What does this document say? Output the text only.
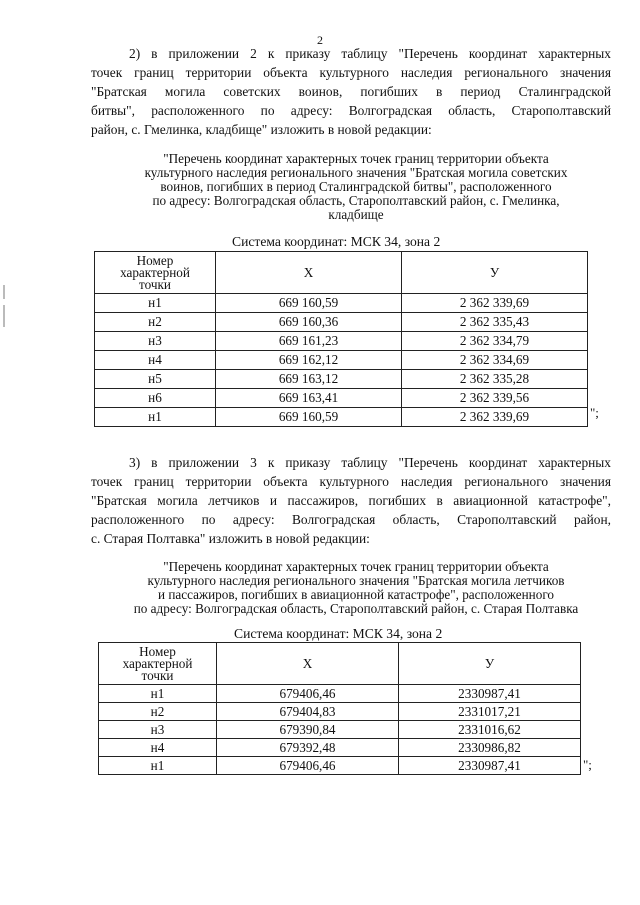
2
2) в приложении 2 к приказу таблицу "Перечень координат характерных
точек границ территории объекта культурного наследия регионального значения
"Братская могила советских воинов, погибших в период Сталинградской
битвы", расположенного по адресу: Волгоградская область, Старополтавский
район, с. Гмелинка, кладбище" изложить в новой редакции:
"Перечень координат характерных точек границ территории объекта
культурного наследия регионального значения "Братская могила советских
воинов, погибших в период Сталинградской битвы", расположенного
по адресу: Волгоградская область, Старополтавский район, с. Гмелинка,
кладбище
Система координат: МСК 34, зона 2
Номер
характерной
точки	X	У
н1	669 160,59	2 362 339,69
н2	669 160,36	2 362 335,43
н3	669 161,23	2 362 334,79
н4	669 162,12	2 362 334,69
н5	669 163,12	2 362 335,28
н6	669 163,41	2 362 339,56
н1	669 160,59	2 362 339,69	";
3) в приложении 3 к приказу таблицу "Перечень координат характерных
точек границ территории объекта культурного наследия регионального значения
"Братская могила летчиков и пассажиров, погибших в авиационной катастрофе",
расположенного по адресу: Волгоградская область, Старополтавский район,
с. Старая Полтавка" изложить в новой редакции:
"Перечень координат характерных точек границ территории объекта
культурного наследия регионального значения "Братская могила летчиков
и пассажиров, погибших в авиационной катастрофе", расположенного
по адресу: Волгоградская область, Старополтавский район, с. Старая Полтавка
Система координат: МСК 34, зона 2
Номер
характерной
точки	X	У
н1	679406,46	2330987,41
н2	679404,83	2331017,21
н3	679390,84	2331016,62
н4	679392,48	2330986,82
н1	679406,46	2330987,41	";
